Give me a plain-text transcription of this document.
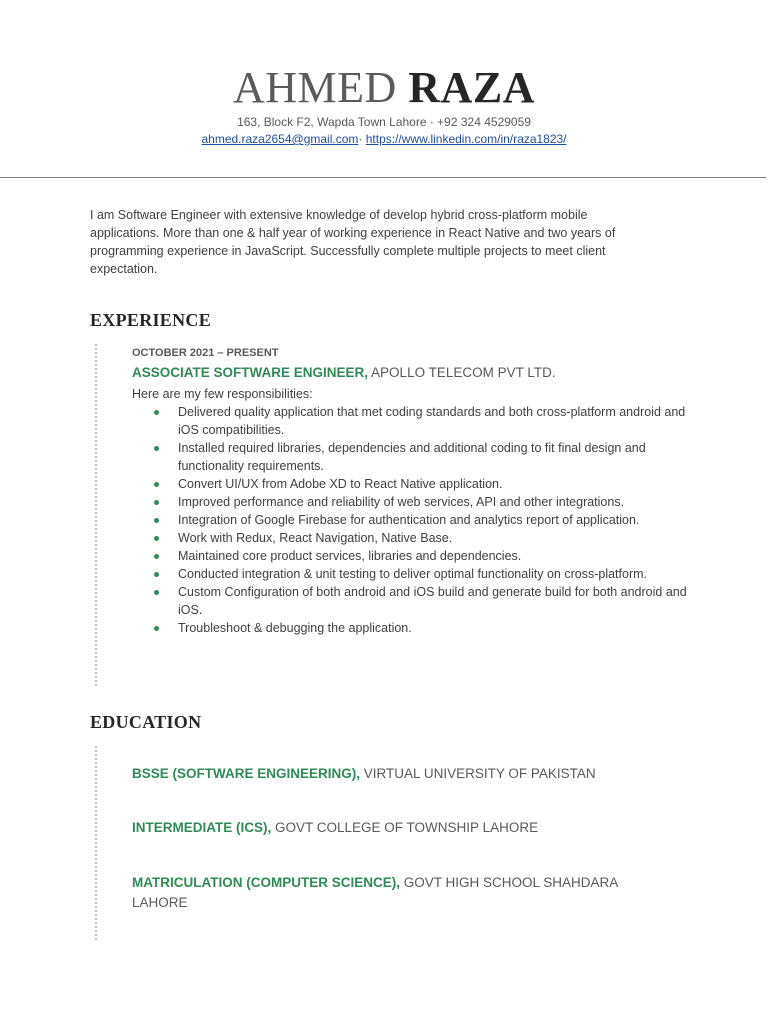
AHMED RAZA
163, Block F2, Wapda Town Lahore · +92 324 4529059
ahmed.raza2654@gmail.com· https://www.linkedin.com/in/raza1823/
I am Software Engineer with extensive knowledge of develop hybrid cross-platform mobile applications. More than one & half year of working experience in React Native and two years of programming experience in JavaScript. Successfully complete multiple projects to meet client expectation.
EXPERIENCE
OCTOBER 2021 – PRESENT
ASSOCIATE SOFTWARE ENGINEER, APOLLO TELECOM PVT LTD.
Here are my few responsibilities:
Delivered quality application that met coding standards and both cross-platform android and iOS compatibilities.
Installed required libraries, dependencies and additional coding to fit final design and functionality requirements.
Convert UI/UX from Adobe XD to React Native application.
Improved performance and reliability of web services, API and other integrations.
Integration of Google Firebase for authentication and analytics report of application.
Work with Redux, React Navigation, Native Base.
Maintained core product services, libraries and dependencies.
Conducted integration & unit testing to deliver optimal functionality on cross-platform.
Custom Configuration of both android and iOS build and generate build for both android and iOS.
Troubleshoot & debugging the application.
EDUCATION
BSSE (SOFTWARE ENGINEERING), VIRTUAL UNIVERSITY OF PAKISTAN
INTERMEDIATE (ICS), GOVT COLLEGE OF TOWNSHIP LAHORE
MATRICULATION (COMPUTER SCIENCE), GOVT HIGH SCHOOL SHAHDARA LAHORE
